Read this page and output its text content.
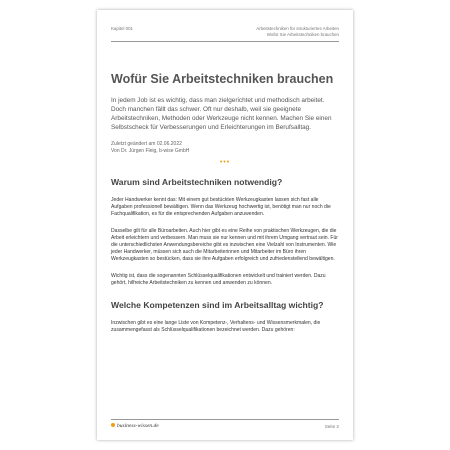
Kapitel 001	Arbeitstechniken für strukturiertes Arbeiten
Wofür Sie Arbeitstechniken brauchen
Wofür Sie Arbeitstechniken brauchen

In jedem Job ist es wichtig, dass man zielgerichtet und methodisch arbeitet. Doch manchen fällt das schwer. Oft nur deshalb, weil sie geeignete Arbeitstechniken, Methoden oder Werkzeuge nicht kennen. Machen Sie einen Selbstscheck für Verbesserungen und Erleichterungen im Berufsalltag.

Zuletzt geändert am 02.06.2022
Von Dr. Jürgen Fleig, b-wise GmbH
•••
Warum sind Arbeitstechniken notwendig?

Jeder Handwerker kennt das: Mit einem gut bestückten Werkzeugkasten lassen sich fast alle Aufgaben professionell bewältigen. Wenn das Werkzeug hochwertig ist, benötigt man nur noch die Fachqualifikation, es für die entsprechenden Aufgaben anzuwenden.

Dasselbe gilt für alle Büroarbeiten. Auch hier gibt es eine Reihe von praktischen Werkzeugen, die die Arbeit erleichtern und verbessern. Man muss sie nur kennen und mit ihrem Umgang vertraut sein. Für die unterschiedlichsten Anwendungsbereiche gibt es inzwischen eine Vielzahl von Instrumenten. Wie jeder Handwerker, müssen sich auch die Mitarbeiterinnen und Mitarbeiter im Büro ihren Werkzeugkasten so bestücken, dass sie ihre Aufgaben erfolgreich und zufriedenstellend bewältigen.

Wichtig ist, dass die sogenannten Schlüsselqualifikationen entwickelt und trainiert werden. Dazu gehört, hilfreiche Arbeitstechniken zu kennen und anwenden zu können.

Welche Kompetenzen sind im Arbeitsalltag wichtig?

Inzwischen gibt es eine lange Liste von Kompetenz-, Verhaltens- und Wissensmerkmalen, die zusammengefasst als Schlüsselqualifikationen bezeichnet werden. Dazu gehören:

business-wissen.de	Seite 2
